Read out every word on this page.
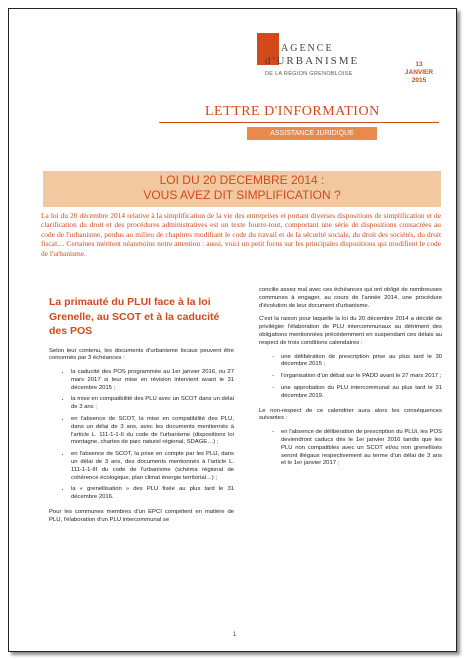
AGENCE
d'URBANISME
DE LA RÉGION GRENOBLOISE
13
JANVIER
2015
LETTRE D'INFORMATION
ASSISTANCE JURIDIQUE
LOI DU 20 DECEMBRE 2014 :
VOUS AVEZ DIT SIMPLIFICATION ?
La loi du 20 décembre 2014 relative à la simplification de la vie des entreprises et portant diverses dispositions de simplification et de clarification du droit et des procédures administratives est un texte fourre-tout, comportant une série de dispositions consacrées au code de l'urbanisme, perdus au milieu de chapitres modifiant le code du travail et de la sécurité sociale, du droit des sociétés, du droit fiscal… Certaines méritent néanmoins notre attention : aussi, voici un petit focus sur les principales dispositions qui modifient le code de l'urbanisme.
La primauté du PLUI face à la loi Grenelle, au SCOT et à la caducité des POS

Selon leur contenu, les documents d'urbanisme locaux peuvent être concernés par 3 échéances :

• la caducité des POS programmée au 1er janvier 2016, ou 27 mars 2017 si leur mise en révision intervient avant le 31 décembre 2015 ;
• la mise en compatibilité des PLU avec un SCOT dans un délai de 3 ans ;
• en l'absence de SCOT, la mise en compatibilité des PLU, dans un délai de 3 ans, avec les documents mentionnés à l'article L. 111-1-1-II du code de l'urbanisme (dispositions loi montagne, chartes de parc naturel régional, SDAGE…) ;
• en l'absence de SCOT, la prise en compte par les PLU, dans un délai de 3 ans, des documents mentionnés à l'article L. 111-1-1-III du code de l'urbanisme (schéma régional de cohérence écologique, plan climat énergie territorial…) ;
• la « grenellisation » des PLU fixée au plus tard le 31 décembre 2016.

Pour les communes membres d'un EPCI compétent en matière de PLU, l'élaboration d'un PLU intercommunal se

concilie assez mal avec ces échéances qui ont obligé de nombreuses communes à engager, au cours de l'année 2014, une procédure d'évolution de leur document d'urbanisme.

C'est la raison pour laquelle la loi du 20 décembre 2014 a décidé de privilégier l'élaboration de PLU intercommunaux au détriment des obligations mentionnées précédemment en suspendant ces délais au respect de trois conditions calendaires :

- une délibération de prescription prise au plus tard le 30 décembre 2015 ;
- l'organisation d'un débat sur le PADD avant le 27 mars 2017 ;
- une approbation du PLU intercommunal au plus tard le 31 décembre 2019.

Le non-respect de ce calendrier aura alors les conséquences suivantes :

- en l'absence de délibération de prescription du PLUi, les POS deviendront caducs dès le 1er janvier 2016 tandis que les PLU non compatibles avec un SCOT et/ou non grenellisés seront illégaux respectivement au terme d'un délai de 3 ans et le 1er janvier 2017 ;
1
